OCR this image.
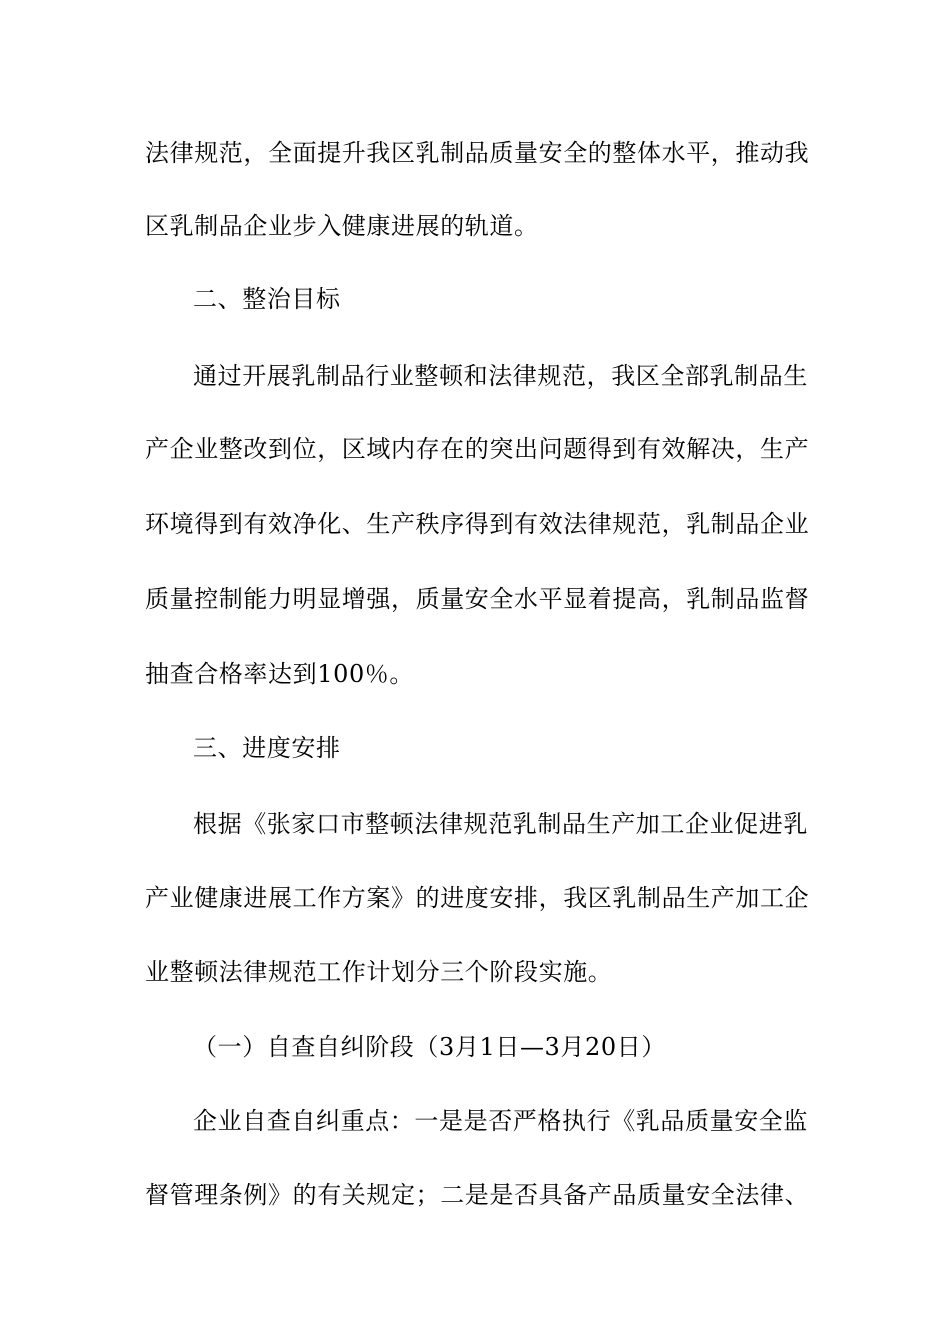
法律规范，全面提升我区乳制品质量安全的整体水平，推动我
区乳制品企业步入健康进展的轨道。
二、整治目标
通过开展乳制品行业整顿和法律规范，我区全部乳制品生
产企业整改到位，区域内存在的突出问题得到有效解决，生产
环境得到有效净化、生产秩序得到有效法律规范，乳制品企业
质量控制能力明显增强，质量安全水平显着提高，乳制品监督
抽查合格率达到100％。
三、进度安排
根据《张家口市整顿法律规范乳制品生产加工企业促进乳
产业健康进展工作方案》的进度安排，我区乳制品生产加工企
业整顿法律规范工作计划分三个阶段实施。
（一）自查自纠阶段（3月1日—3月20日）
企业自查自纠重点：一是是否严格执行《乳品质量安全监
督管理条例》的有关规定；二是是否具备产品质量安全法律、
